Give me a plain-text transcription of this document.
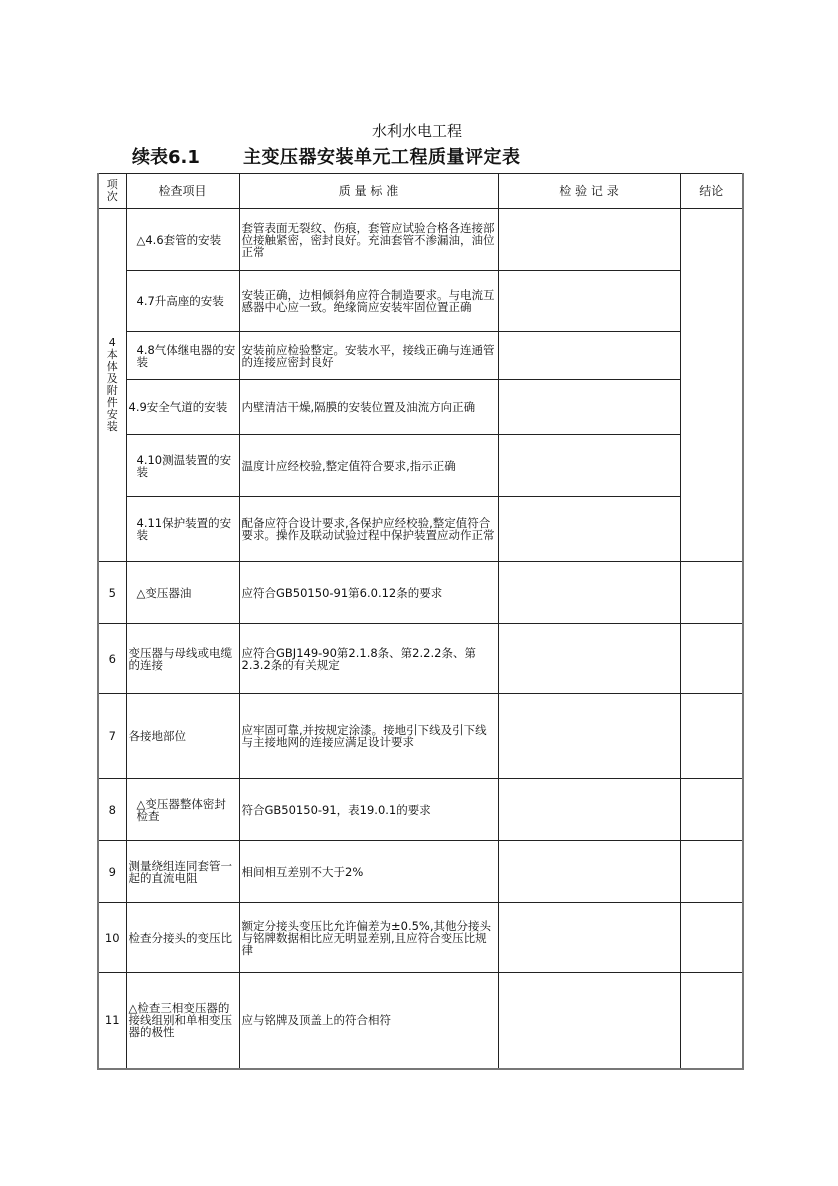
水利水电工程
续表6.1 主变压器安装单元工程质量评定表
项次	检查项目	质 量 标 准	检 验 记 录	结论

4本体及附件安装	△4.6套管的安装	套管表面无裂纹、伤痕，套管应试验合格各连接部位接触紧密，密封良好。充油套管不渗漏油，油位正常		
	4.7升高座的安装	安装正确，边相倾斜角应符合制造要求。与电流互感器中心应一致。绝缘筒应安装牢固位置正确		
	4.8气体继电器的安装	安装前应检验整定。安装水平，接线正确与连通管的连接应密封良好		
	4.9安全气道的安装	内壁清洁干燥,隔膜的安装位置及油流方向正确		
	4.10测温装置的安装	温度计应经校验,整定值符合要求,指示正确		
	4.11保护装置的安装	配备应符合设计要求,各保护应经校验,整定值符合要求。操作及联动试验过程中保护装置应动作正常		
5	△变压器油	应符合GB50150-91第6.0.12条的要求		
6	变压器与母线或电缆的连接	应符合GBJ149-90第2.1.8条、第2.2.2条、第2.3.2条的有关规定		
7	各接地部位	应牢固可靠,并按规定涂漆。接地引下线及引下线与主接地网的连接应满足设计要求		
8	△变压器整体密封检查	符合GB50150-91，表19.0.1的要求		
9	测量绕组连同套管一起的直流电阻	相间相互差别不大于2%		
10	检查分接头的变压比	额定分接头变压比允许偏差为±0.5%,其他分接头与铭牌数据相比应无明显差别,且应符合变压比规律		
11	△检查三相变压器的接线组别和单相变压器的极性	应与铭牌及顶盖上的符合相符		
